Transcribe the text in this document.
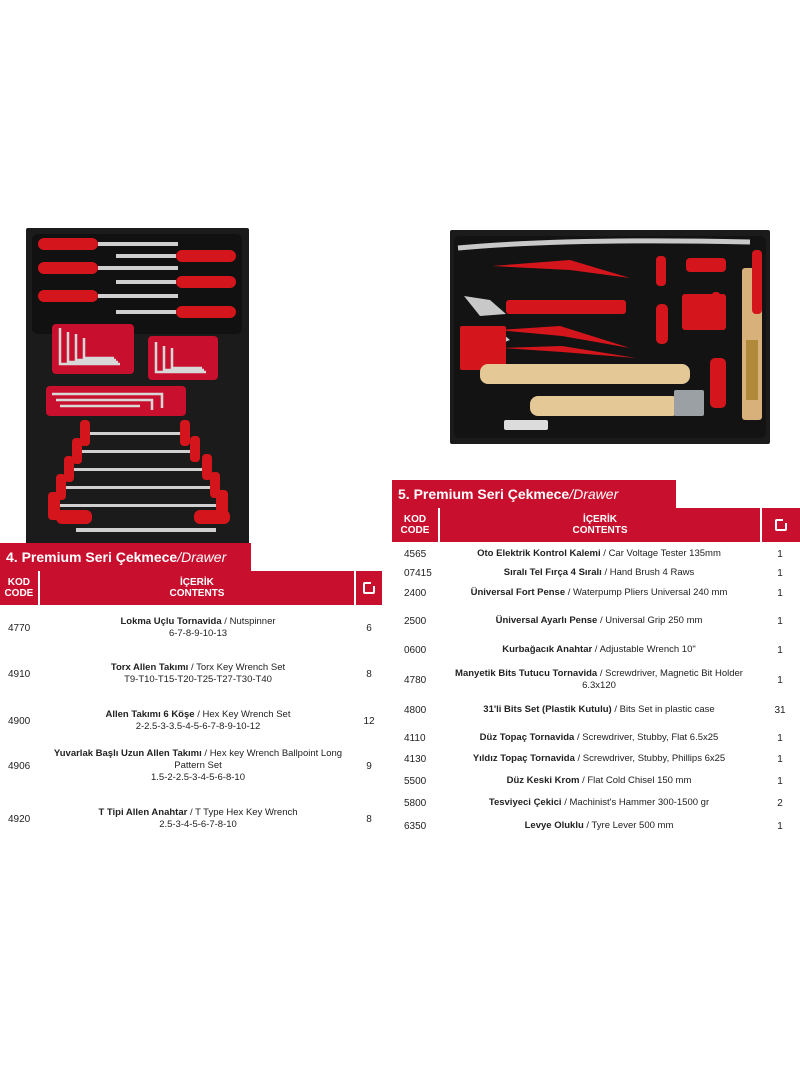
4. Premium Seri Çekmece/Drawer
KOD
CODE
İÇERİK
CONTENTS
4770
Lokma Uçlu Tornavida / Nutspinner
6-7-8-9-10-13	6
4910
Torx Allen Takımı / Torx Key Wrench Set
T9-T10-T15-T20-T25-T27-T30-T40	8
4900
Allen Takımı 6 Köşe / Hex Key Wrench Set
2-2.5-3-3.5-4-5-6-7-8-9-10-12	12
4906
Yuvarlak Başlı Uzun Allen Takımı / Hex key Wrench Ballpoint Long Pattern Set
1.5-2-2.5-3-4-5-6-8-10
9
4920
T Tipi Allen Anahtar / T Type Hex Key Wrench
2.5-3-4-5-6-7-8-10	8
5. Premium Seri Çekmece/Drawer
KOD
CODE
İÇERİK
CONTENTS
4565	Oto Elektrik Kontrol Kalemi / Car Voltage Tester 135mm	1
07415	Sıralı Tel Fırça 4 Sıralı / Hand Brush 4 Raws	1
2400	Üniversal Fort Pense / Waterpump Pliers Universal 240 mm	1
2500	Üniversal Ayarlı Pense / Universal Grip 250 mm	1
0600	Kurbağacık Anahtar / Adjustable Wrench 10"	1
4780
Manyetik Bits Tutucu Tornavida / Screwdriver, Magnetic Bit Holder 6.3x120	1
4800	31'li Bits Set (Plastik Kutulu) / Bits Set in plastic case	31
4110	Düz Topaç Tornavida / Screwdriver, Stubby, Flat 6.5x25	1
4130	Yıldız Topaç Tornavida / Screwdriver, Stubby, Phillips 6x25	1
5500	Düz Keski Krom / Flat Cold Chisel 150 mm	1
5800	Tesviyeci Çekici / Machinist's Hammer 300-1500 gr	2
6350	Levye Oluklu / Tyre Lever 500 mm	1
